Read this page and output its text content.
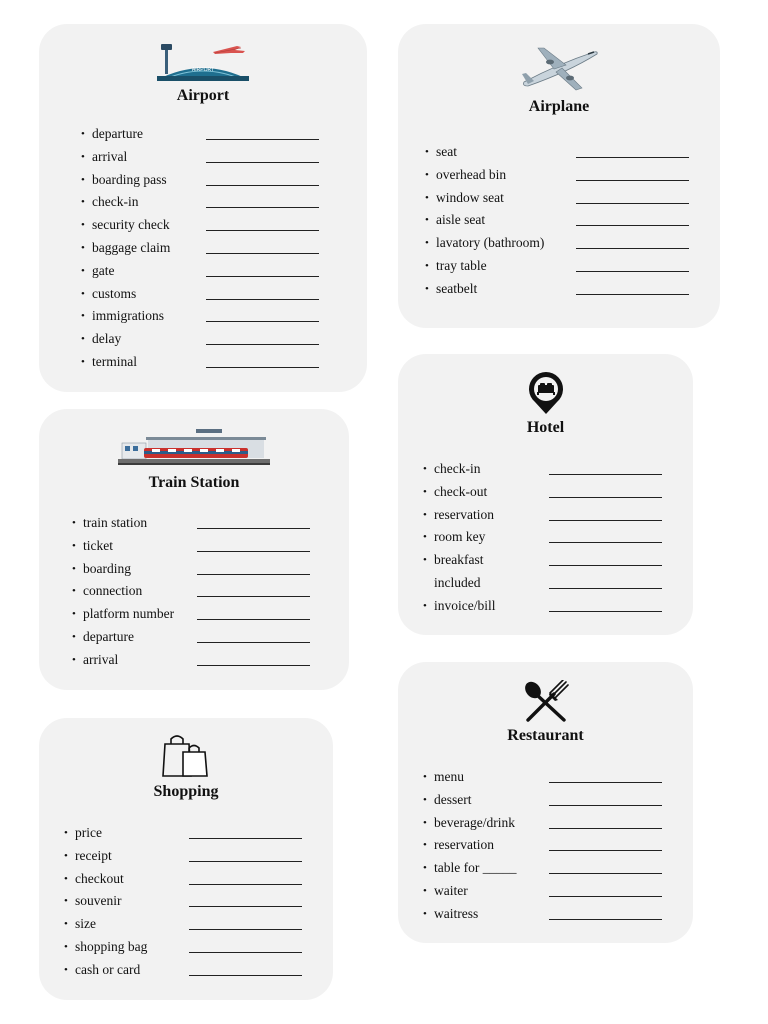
AIRPORT
Airport
• departure
• arrival
• boarding pass
• check-in
• security check
• baggage claim
• gate
• customs
• immigrations
• delay
• terminal
Airplane
• seat
• overhead bin
• window seat
• aisle seat
• lavatory (bathroom)
• tray table
• seatbelt
Train Station
• train station
• ticket
• boarding
• connection
• platform number
• departure
• arrival
Hotel
• check-in
• check-out
• reservation
• room key
• breakfast
included
• invoice/bill
Shopping
• price
• receipt
• checkout
• souvenir
• size
• shopping bag
• cash or card
Restaurant
• menu
• dessert
• beverage/drink
• reservation
• table for _____
• waiter
• waitress
